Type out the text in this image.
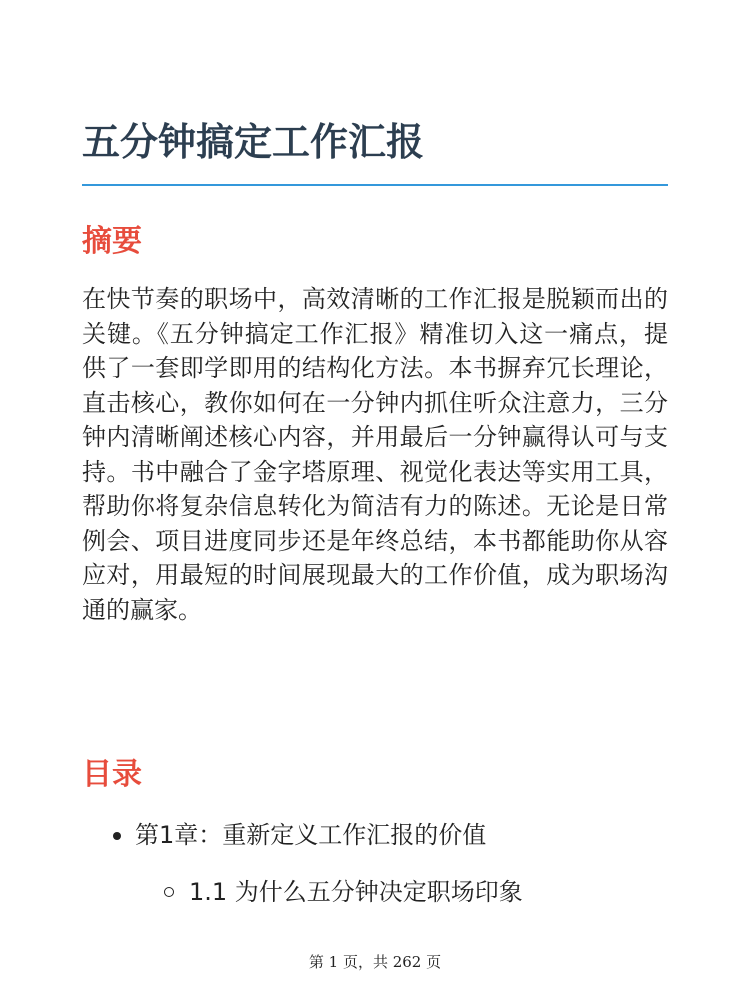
五分钟搞定工作汇报
摘要

在快节奏的职场中，高效清晰的工作汇报是脱颖而出的关键。《五分钟搞定工作汇报》精准切入这一痛点，提供了一套即学即用的结构化方法。本书摒弃冗长理论，直击核心，教你如何在一分钟内抓住听众注意力，三分钟内清晰阐述核心内容，并用最后一分钟赢得认可与支持。书中融合了金字塔原理、视觉化表达等实用工具，帮助你将复杂信息转化为简洁有力的陈述。无论是日常例会、项目进度同步还是年终总结，本书都能助你从容应对，用最短的时间展现最大的工作价值，成为职场沟通的赢家。

目录
第1章：重新定义工作汇报的价值
1.1 为什么五分钟决定职场印象
第 1 页，共 262 页
